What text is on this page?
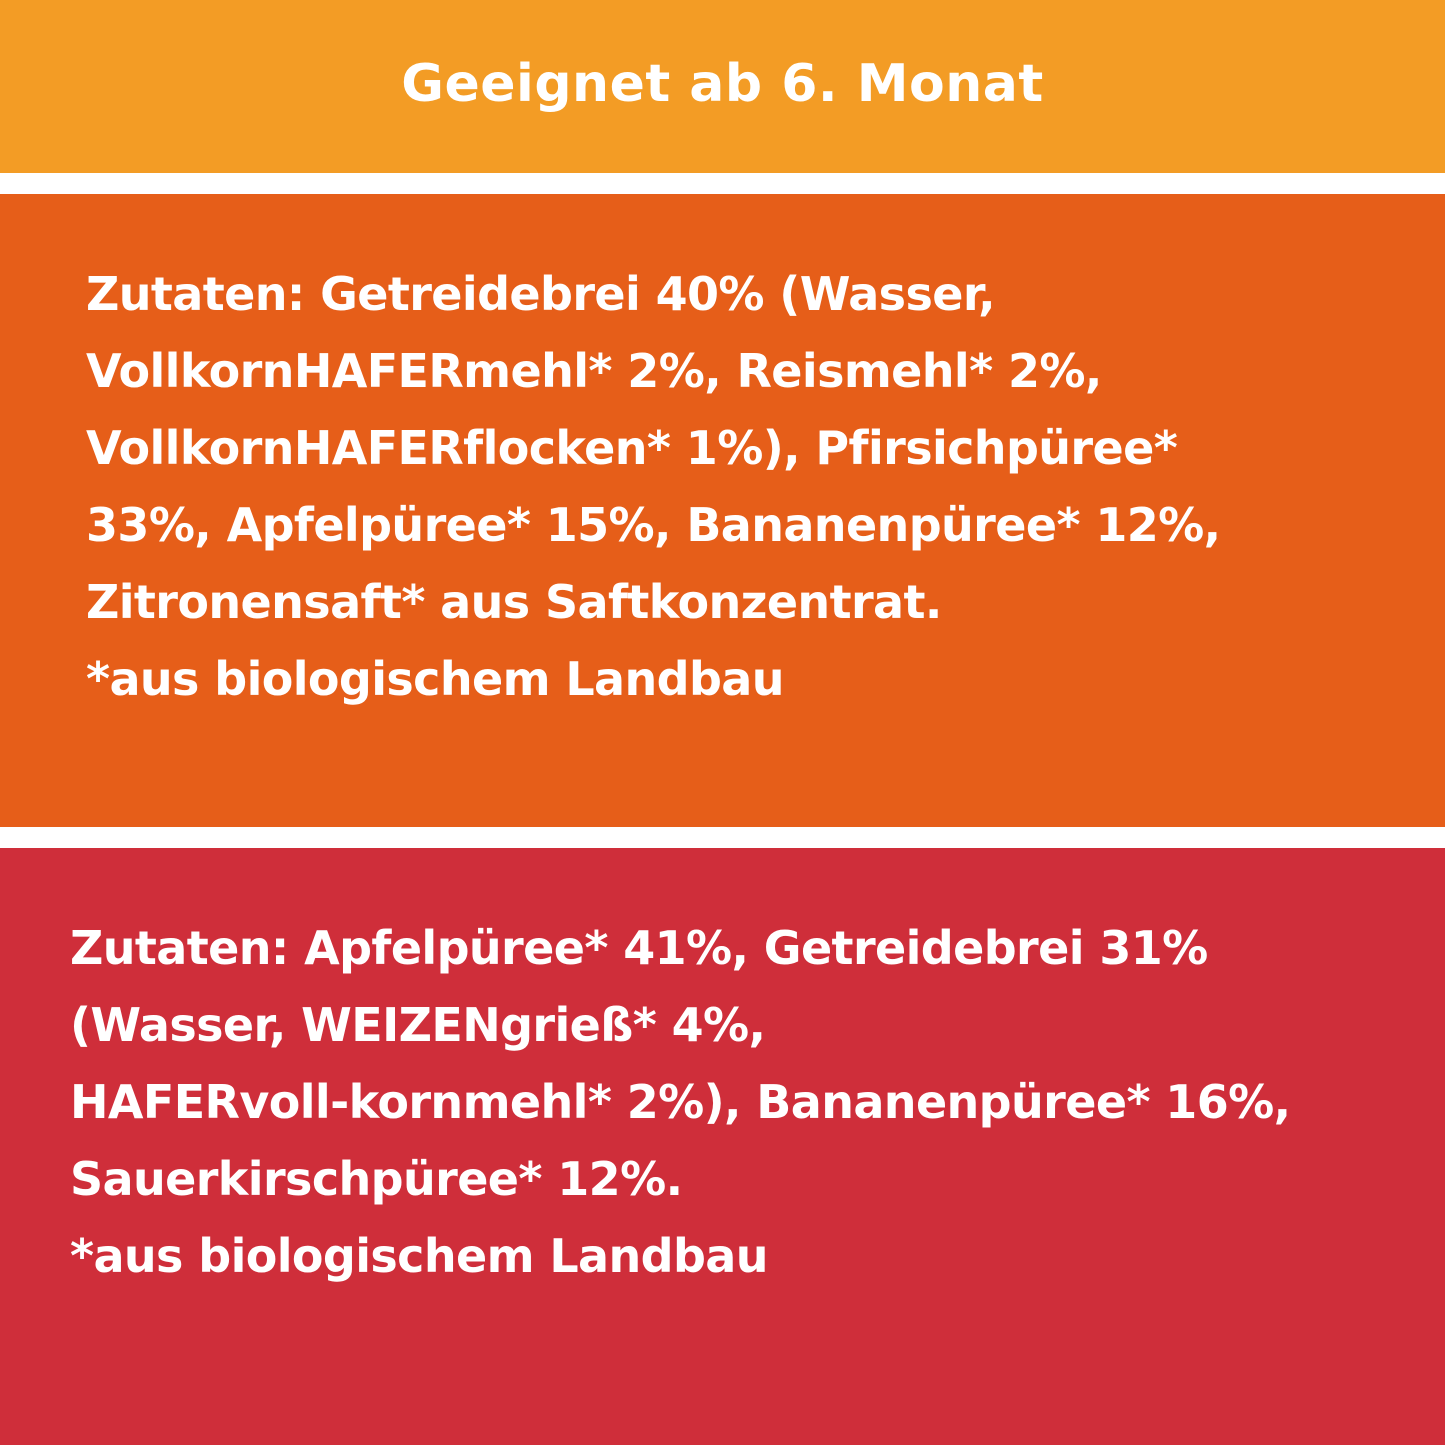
Geeignet ab 6. Monat
Zutaten: Getreidebrei 40% (Wasser,
VollkornHAFERmehl* 2%, Reismehl* 2%,
VollkornHAFERflocken* 1%), Pfirsichpüree*
33%, Apfelpüree* 15%, Bananenpüree* 12%,
Zitronensaft* aus Saftkonzentrat.
*aus biologischem Landbau
Zutaten: Apfelpüree* 41%, Getreidebrei 31%
(Wasser, WEIZENgrieß* 4%,
HAFERvoll-kornmehl* 2%), Bananenpüree* 16%,
Sauerkirschpüree* 12%.
*aus biologischem Landbau
